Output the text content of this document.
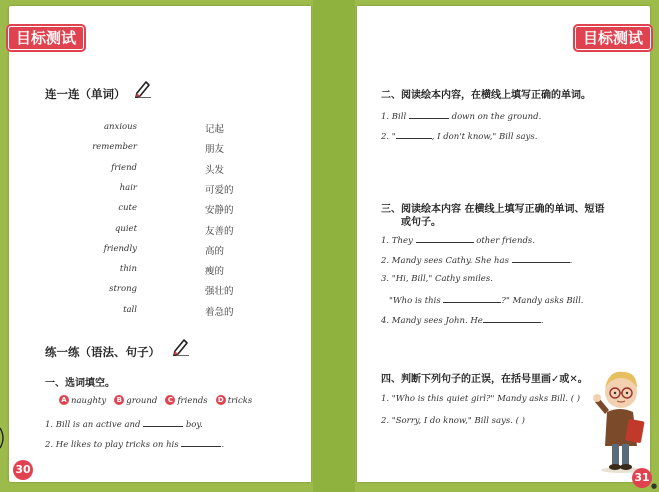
目标测试
连一连（单词）
anxious	记起
remember	朋友
friend	头发
hair	可爱的
cute	安静的
quiet	友善的
friendly	高的
thin	瘦的
strong	强壮的
tall	着急的
练一练（语法、句子）
一、选词填空。
A naughty B ground C friends D tricks
1. Bill is an active and	boy.
2. He likes to play tricks on his	.
30
目标测试
二、阅读绘本内容，在横线上填写正确的单词。
1. Bill	down on the ground.
2. "	, I don't know," Bill says.
三、阅读绘本内容 在横线上填写正确的单词、短语
或句子。
1. They	other friends.
2. Mandy sees Cathy. She has	.
3. "Hi, Bill," Cathy smiles.
"Who is this	?" Mandy asks Bill.
4. Mandy sees John. He	.
四、判断下列句子的正误，在括号里画✓或✕。
1. "Who is this quiet girl?" Mandy asks Bill. ( )
2. "Sorry, I do know," Bill says. ( )
31
●
